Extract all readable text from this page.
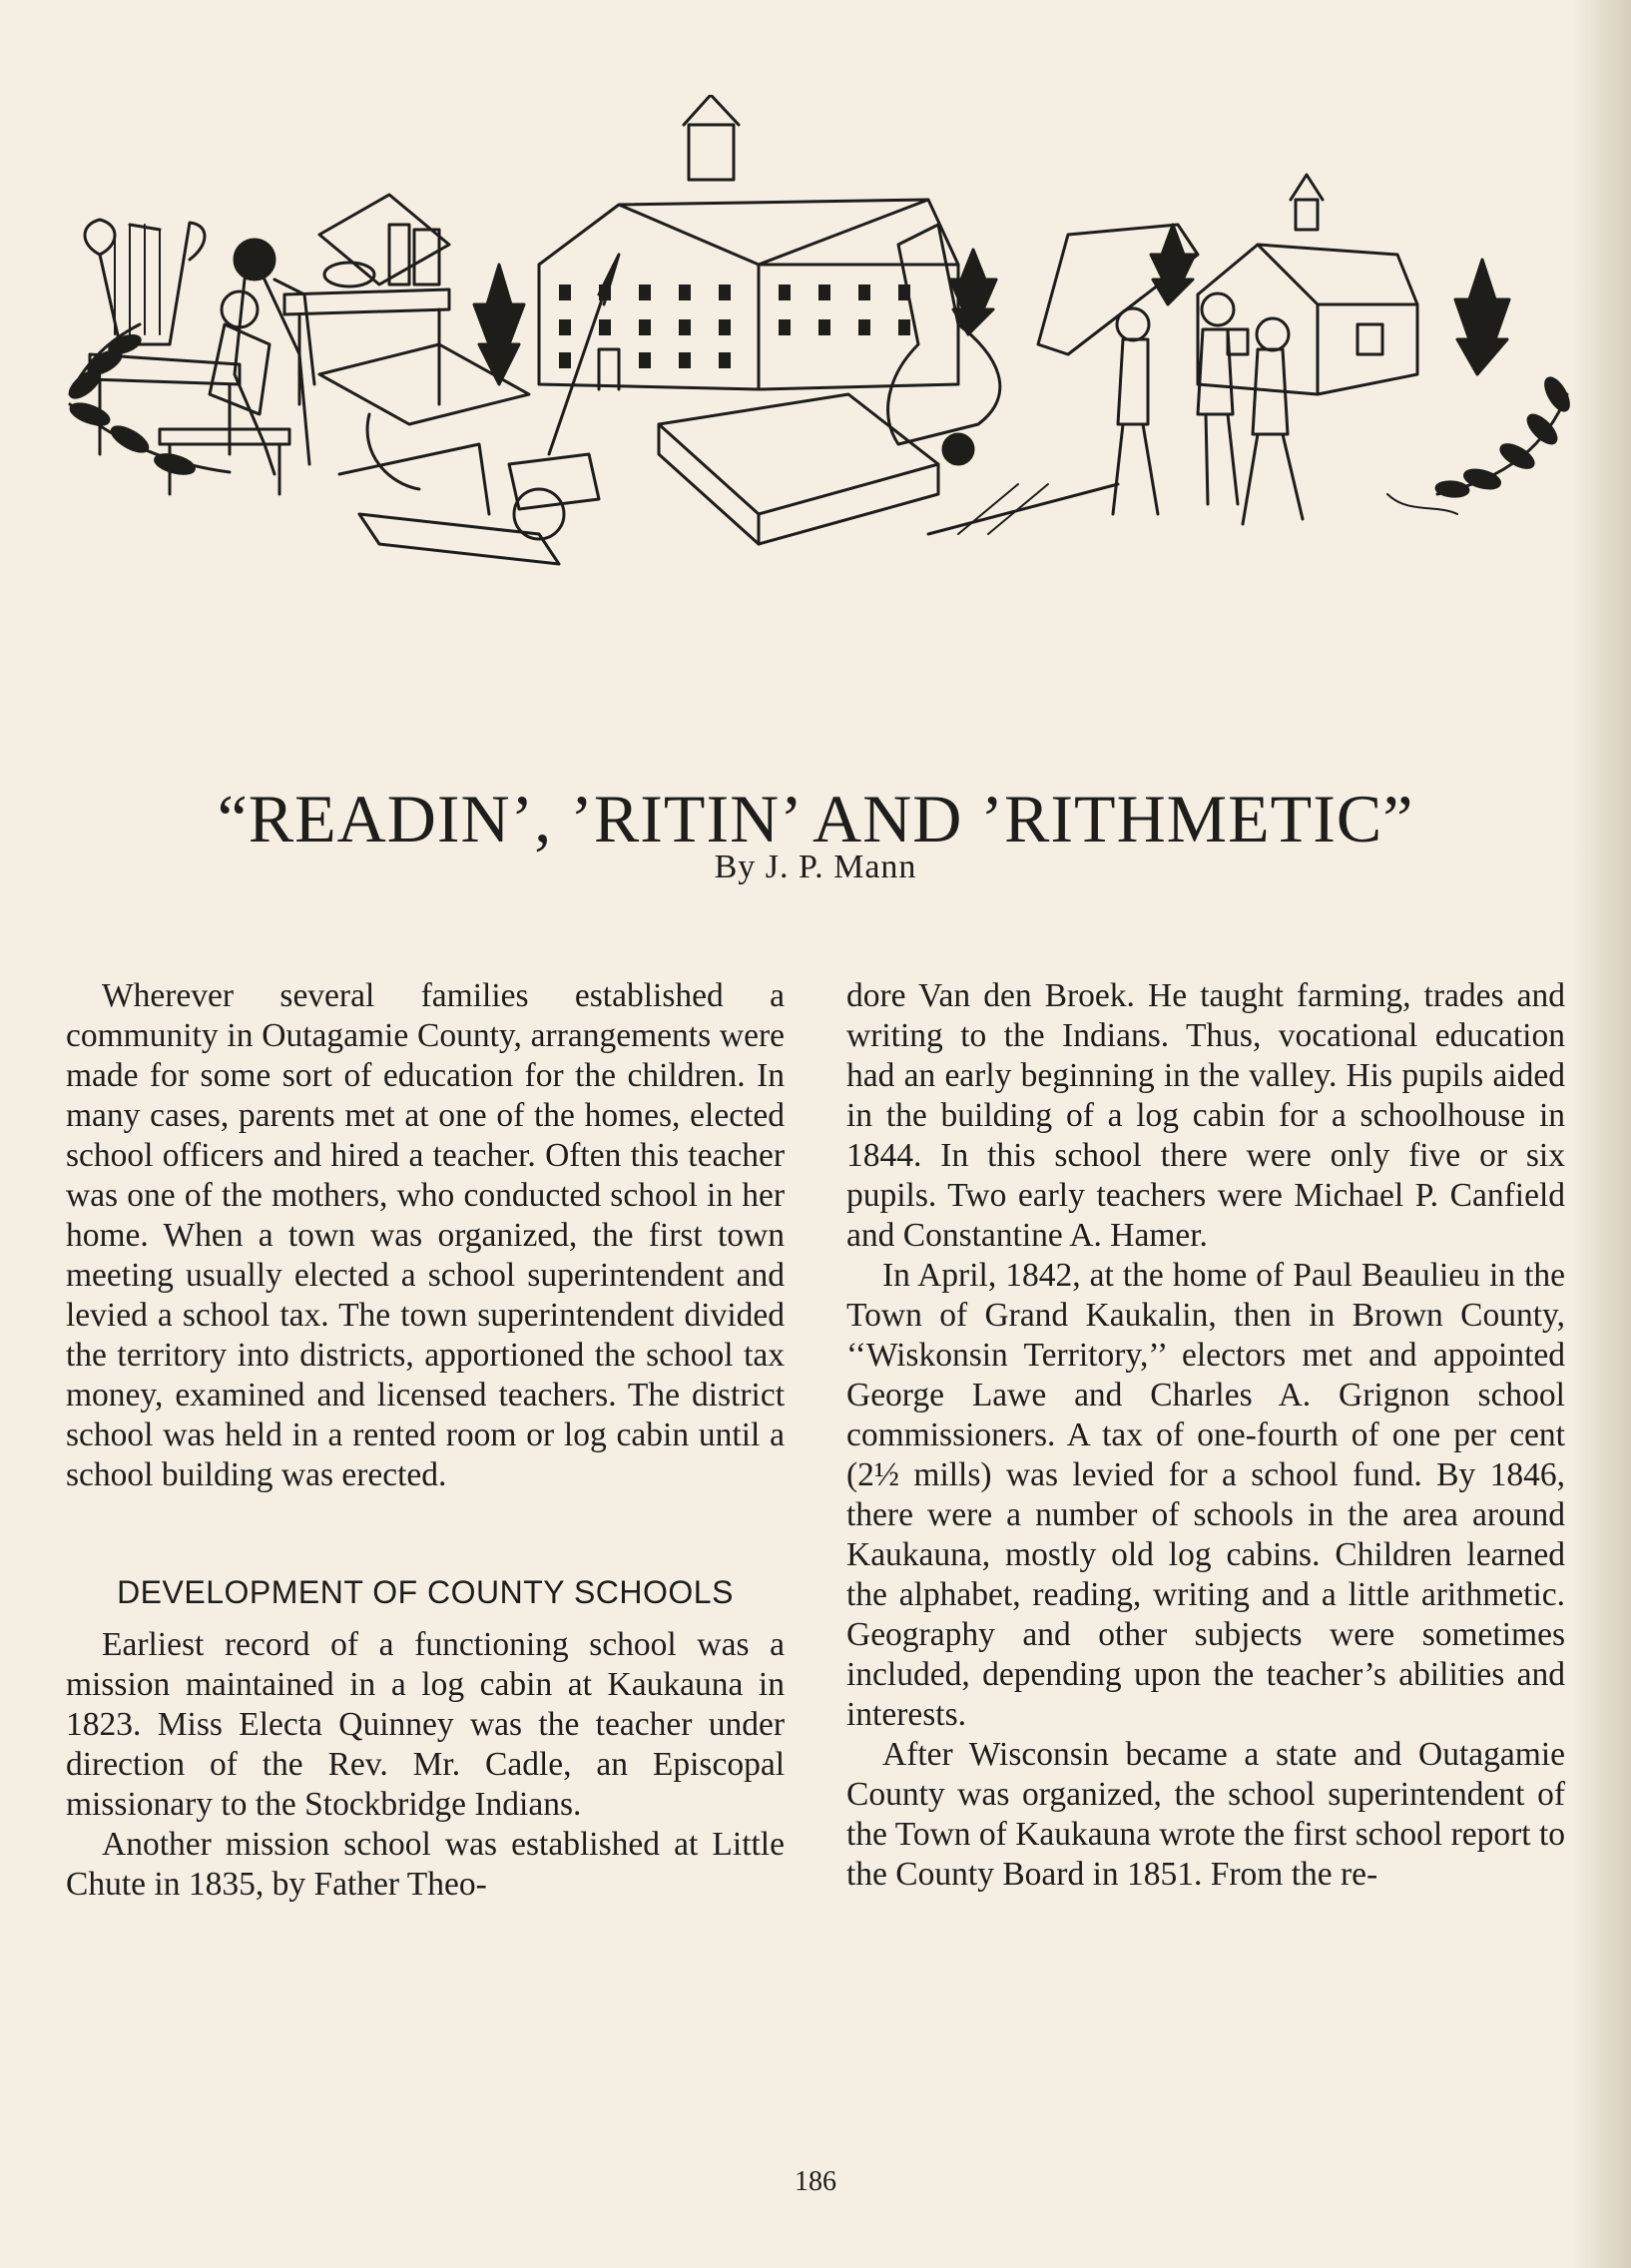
“READIN’, ’RITIN’ AND ’RITHMETIC”
By J. P. Mann

Wherever several families established a community in Outagamie County, arrangements were made for some sort of education for the children. In many cases, parents met at one of the homes, elected school officers and hired a teacher. Often this teacher was one of the mothers, who conducted school in her home. When a town was organized, the first town meeting usually elected a school superintendent and levied a school tax. The town superintendent divided the territory into districts, apportioned the school tax money, examined and licensed teachers. The district school was held in a rented room or log cabin until a school building was erected.

DEVELOPMENT OF COUNTY SCHOOLS

Earliest record of a functioning school was a mission maintained in a log cabin at Kaukauna in 1823. Miss Electa Quinney was the teacher under direction of the Rev. Mr. Cadle, an Episcopal missionary to the Stockbridge Indians.

Another mission school was established at Little Chute in 1835, by Father Theo-

dore Van den Broek. He taught farming, trades and writing to the Indians. Thus, vocational education had an early beginning in the valley. His pupils aided in the building of a log cabin for a schoolhouse in 1844. In this school there were only five or six pupils. Two early teachers were Michael P. Canfield and Constantine A. Hamer.

In April, 1842, at the home of Paul Beaulieu in the Town of Grand Kaukalin, then in Brown County, ‘‘Wiskonsin Territory,’’ electors met and appointed George Lawe and Charles A. Grignon school commissioners. A tax of one-fourth of one per cent (2½ mills) was levied for a school fund. By 1846, there were a number of schools in the area around Kaukauna, mostly old log cabins. Children learned the alphabet, reading, writing and a little arithmetic. Geography and other subjects were sometimes included, depending upon the teacher’s abilities and interests.

After Wisconsin became a state and Outagamie County was organized, the school superintendent of the Town of Kaukauna wrote the first school report to the County Board in 1851. From the re-

186
